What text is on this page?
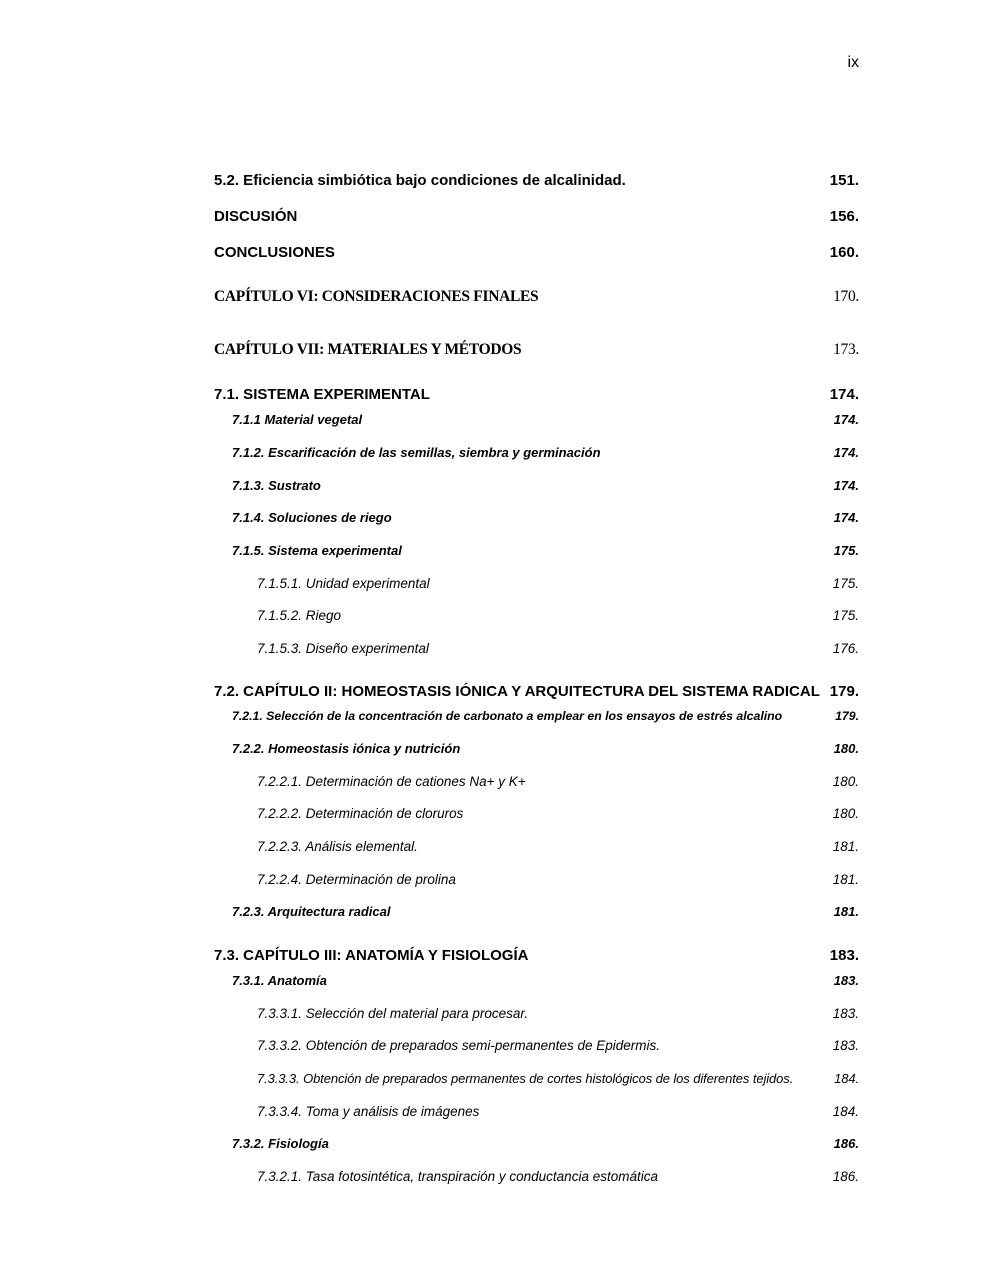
ix
5.2. Eficiencia simbiótica bajo condiciones de alcalinidad.	151.
DISCUSIÓN	156.
CONCLUSIONES	160.
CAPÍTULO VI: CONSIDERACIONES FINALES	170.
CAPÍTULO VII: MATERIALES Y MÉTODOS	173.
7.1. SISTEMA EXPERIMENTAL	174.
7.1.1 Material vegetal	174.
7.1.2. Escarificación de las semillas, siembra y germinación	174.
7.1.3. Sustrato	174.
7.1.4. Soluciones de riego	174.
7.1.5. Sistema experimental	175.
7.1.5.1. Unidad experimental	175.
7.1.5.2. Riego	175.
7.1.5.3. Diseño experimental	176.
7.2. CAPÍTULO II: HOMEOSTASIS IÓNICA Y ARQUITECTURA DEL SISTEMA RADICAL 179.
7.2.1. Selección de la concentración de carbonato a emplear en los ensayos de estrés alcalino	179.
7.2.2. Homeostasis iónica y nutrición	180.
7.2.2.1. Determinación de cationes Na+ y K+	180.
7.2.2.2. Determinación de cloruros	180.
7.2.2.3. Análisis elemental.	181.
7.2.2.4. Determinación de prolina	181.
7.2.3. Arquitectura radical	181.
7.3. CAPÍTULO III: ANATOMÍA Y FISIOLOGÍA	183.
7.3.1. Anatomía	183.
7.3.3.1. Selección del material para procesar.	183.
7.3.3.2. Obtención de preparados semi-permanentes de Epidermis.	183.
7.3.3.3. Obtención de preparados permanentes de cortes histológicos de los diferentes tejidos.	184.
7.3.3.4. Toma y análisis de imágenes	184.
7.3.2. Fisiología	186.
7.3.2.1. Tasa fotosintética, transpiración y conductancia estomática	186.
